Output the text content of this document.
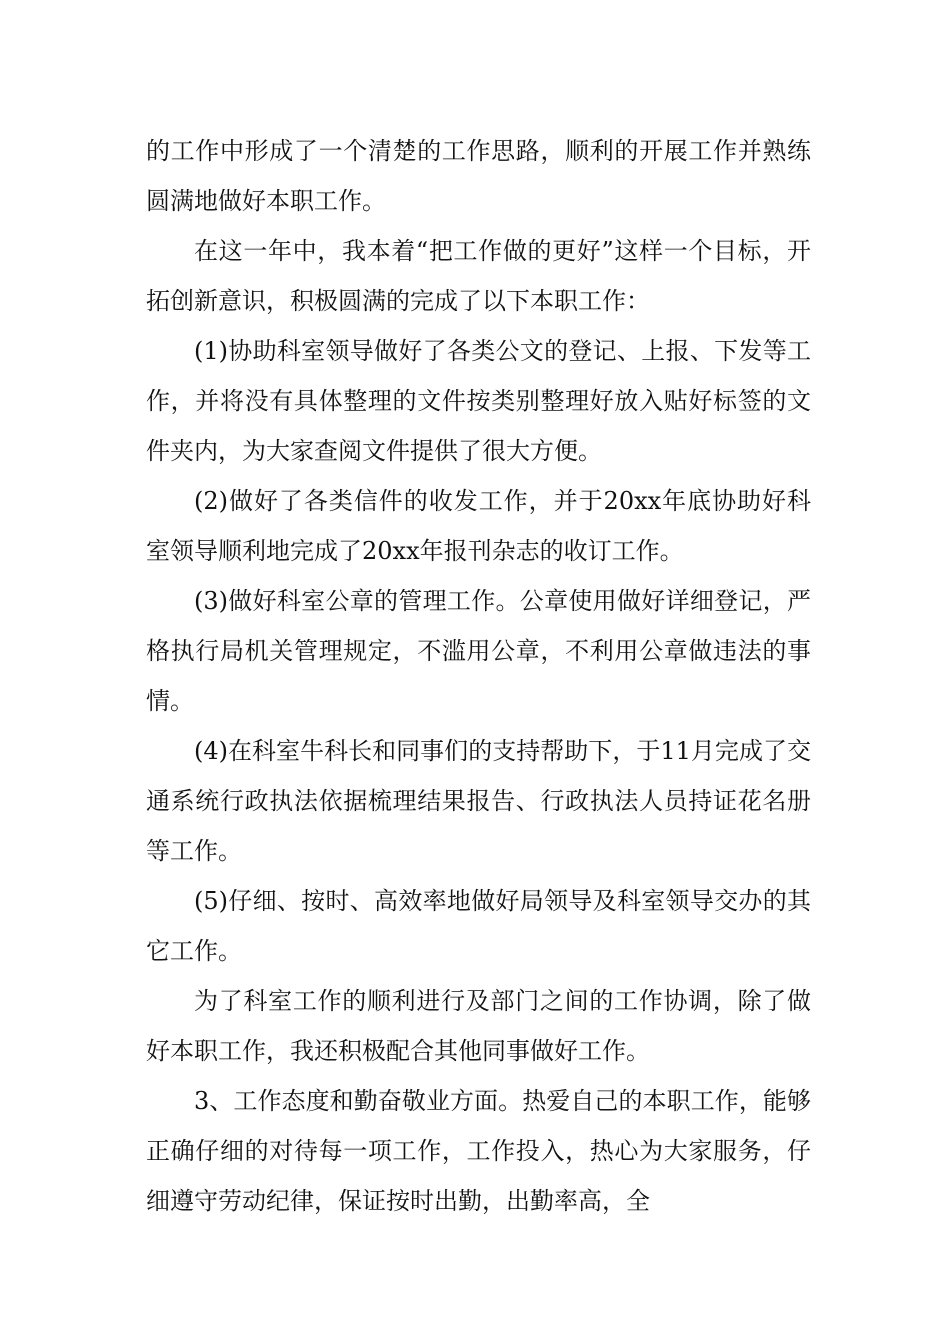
的工作中形成了一个清楚的工作思路，顺利的开展工作并熟练圆满地做好本职工作。

在这一年中，我本着“把工作做的更好”这样一个目标，开拓创新意识，积极圆满的完成了以下本职工作：

(1)协助科室领导做好了各类公文的登记、上报、下发等工作，并将没有具体整理的文件按类别整理好放入贴好标签的文件夹内，为大家查阅文件提供了很大方便。

(2)做好了各类信件的收发工作，并于20xx年底协助好科室领导顺利地完成了20xx年报刊杂志的收订工作。

(3)做好科室公章的管理工作。公章使用做好详细登记，严格执行局机关管理规定，不滥用公章，不利用公章做违法的事情。

(4)在科室牛科长和同事们的支持帮助下，于11月完成了交通系统行政执法依据梳理结果报告、行政执法人员持证花名册等工作。

(5)仔细、按时、高效率地做好局领导及科室领导交办的其它工作。

为了科室工作的顺利进行及部门之间的工作协调，除了做好本职工作，我还积极配合其他同事做好工作。

3、工作态度和勤奋敬业方面。热爱自己的本职工作，能够正确仔细的对待每一项工作，工作投入，热心为大家服务，仔细遵守劳动纪律，保证按时出勤，出勤率高，全
